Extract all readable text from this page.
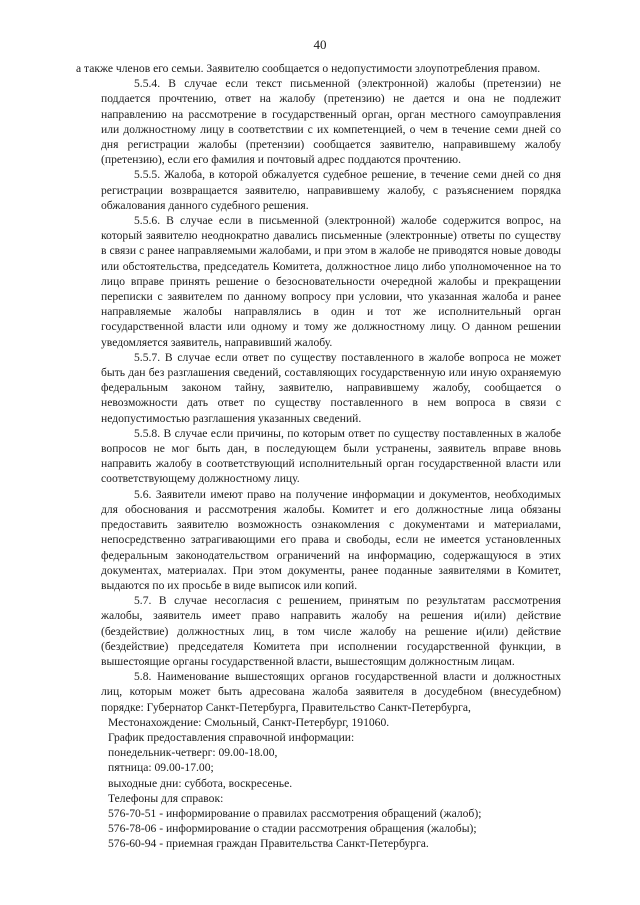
40

а также членов его семьи. Заявителю сообщается о недопустимости злоупотребления правом.

5.5.4. В случае если текст письменной (электронной) жалобы (претензии) не поддается прочтению, ответ на жалобу (претензию) не дается и она не подлежит направлению на рассмотрение в государственный орган, орган местного самоуправления или должностному лицу в соответствии с их компетенцией, о чем в течение семи дней со дня регистрации жалобы (претензии) сообщается заявителю, направившему жалобу (претензию), если его фамилия и почтовый адрес поддаются прочтению.

5.5.5. Жалоба, в которой обжалуется судебное решение, в течение семи дней со дня регистрации возвращается заявителю, направившему жалобу, с разъяснением порядка обжалования данного судебного решения.

5.5.6. В случае если в письменной (электронной) жалобе содержится вопрос, на который заявителю неоднократно давались письменные (электронные) ответы по существу в связи с ранее направляемыми жалобами, и при этом в жалобе не приводятся новые доводы или обстоятельства, председатель Комитета, должностное лицо либо уполномоченное на то лицо вправе принять решение о безосновательности очередной жалобы и прекращении переписки с заявителем по данному вопросу при условии, что указанная жалоба и ранее направляемые жалобы направлялись в один и тот же исполнительный орган государственной власти или одному и тому же должностному лицу. О данном решении уведомляется заявитель, направивший жалобу.

5.5.7. В случае если ответ по существу поставленного в жалобе вопроса не может быть дан без разглашения сведений, составляющих государственную или иную охраняемую федеральным законом тайну, заявителю, направившему жалобу, сообщается о невозможности дать ответ по существу поставленного в нем вопроса в связи с недопустимостью разглашения указанных сведений.

5.5.8. В случае если причины, по которым ответ по существу поставленных в жалобе вопросов не мог быть дан, в последующем были устранены, заявитель вправе вновь направить жалобу в соответствующий исполнительный орган государственной власти или соответствующему должностному лицу.

5.6. Заявители имеют право на получение информации и документов, необходимых для обоснования и рассмотрения жалобы. Комитет и его должностные лица обязаны предоставить заявителю возможность ознакомления с документами и материалами, непосредственно затрагивающими его права и свободы, если не имеется установленных федеральным законодательством ограничений на информацию, содержащуюся в этих документах, материалах. При этом документы, ранее поданные заявителями в Комитет, выдаются по их просьбе в виде выписок или копий.

5.7. В случае несогласия с решением, принятым по результатам рассмотрения жалобы, заявитель имеет право направить жалобу на решения и(или) действие (бездействие) должностных лиц, в том числе жалобу на решение и(или) действие (бездействие) председателя Комитета при исполнении государственной функции, в вышестоящие органы государственной власти, вышестоящим должностным лицам.

5.8. Наименование вышестоящих органов государственной власти и должностных лиц, которым может быть адресована жалоба заявителя в досудебном (внесудебном) порядке: Губернатор Санкт-Петербурга, Правительство Санкт-Петербурга,

Местонахождение: Смольный, Санкт-Петербург, 191060.

График предоставления справочной информации:

понедельник-четверг: 09.00-18.00,

пятница: 09.00-17.00;

выходные дни: суббота, воскресенье.

Телефоны для справок:

576-70-51 - информирование о правилах рассмотрения обращений (жалоб);

576-78-06 - информирование о стадии рассмотрения обращения (жалобы);

576-60-94 - приемная граждан Правительства Санкт-Петербурга.
